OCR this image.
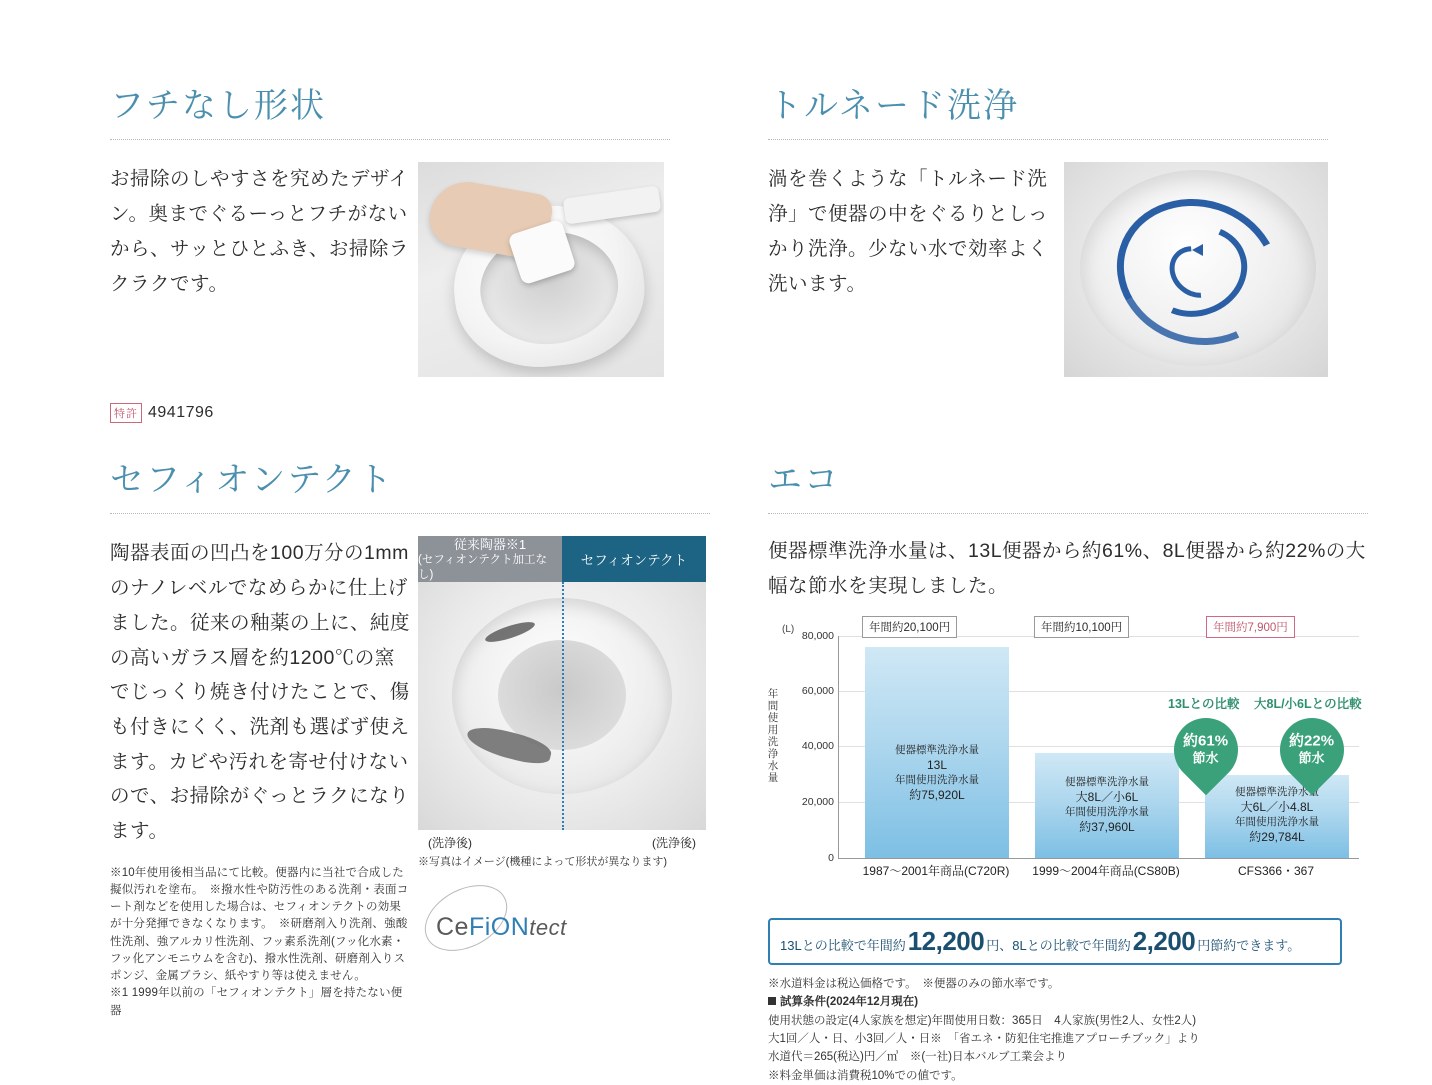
フチなし形状
お掃除のしやすさを究めたデザイン。奥までぐるーっとフチがないから、サッとひとふき、お掃除ラクラクです。
特許 4941796
トルネード洗浄
渦を巻くような「トルネード洗浄」で便器の中をぐるりとしっかり洗浄。少ない水で効率よく洗います。
セフィオンテクト
陶器表面の凹凸を100万分の1mmのナノレベルでなめらかに仕上げました。従来の釉薬の上に、純度の高いガラス層を約1200℃の窯でじっくり焼き付けたことで、傷も付きにくく、洗剤も選ばず使えます。カビや汚れを寄せ付けないので、お掃除がぐっとラクになります。
※10年使用後相当品にて比較。便器内に当社で合成した擬似汚れを塗布。　※撥水性や防汚性のある洗剤・表面コート剤などを使用した場合は、セフィオンテクトの効果が十分発揮できなくなります。　※研磨剤入り洗剤、強酸性洗剤、強アルカリ性洗剤、フッ素系洗剤(フッ化水素・フッ化アンモニウムを含む)、撥水性洗剤、研磨剤入りスポンジ、金属ブラシ、紙やすり等は使えません。
※1 1999年以前の「セフィオンテクト」層を持たない便器
従来陶器※1
(セフィオンテクト加工なし)
セフィオンテクト
(洗浄後)	(洗浄後)
※写真はイメージ(機種によって形状が異なります)
CeFiONtect
エコ
便器標準洗浄水量は、13L便器から約61%、8L便器から約22%の大幅な節水を実現しました。
(L)
年間使用洗浄水量
80,000
60,000
40,000
20,000
0
便器標準洗浄水量
13L
年間使用洗浄水量
約75,920L
便器標準洗浄水量
大8L／小6L
年間使用洗浄水量
約37,960L
便器標準洗浄水量
大6L／小4.8L
年間使用洗浄水量
約29,784L
年間約20,100円	年間約10,100円	年間約7,900円
13Lとの比較 大8L/小6Lとの比較
約61%
節水
約22%
節水
1987〜2001年商品(C720R) 1999〜2004年商品(CS80B)	CFS366・367
13Lとの比較で年間約 12,200 円、8Lとの比較で年間約 2,200 円節約できます。
※水道料金は税込価格です。　※便器のみの節水率です。
試算条件(2024年12月現在)
使用状態の設定(4人家族を想定)年間使用日数：365日　4人家族(男性2人、女性2人)
大1回／人・日、小3回／人・日※　「省エネ・防犯住宅推進アプローチブック」より
水道代＝265(税込)円／㎥　※(一社)日本バルブ工業会より
※料金単価は消費税10%での値です。
